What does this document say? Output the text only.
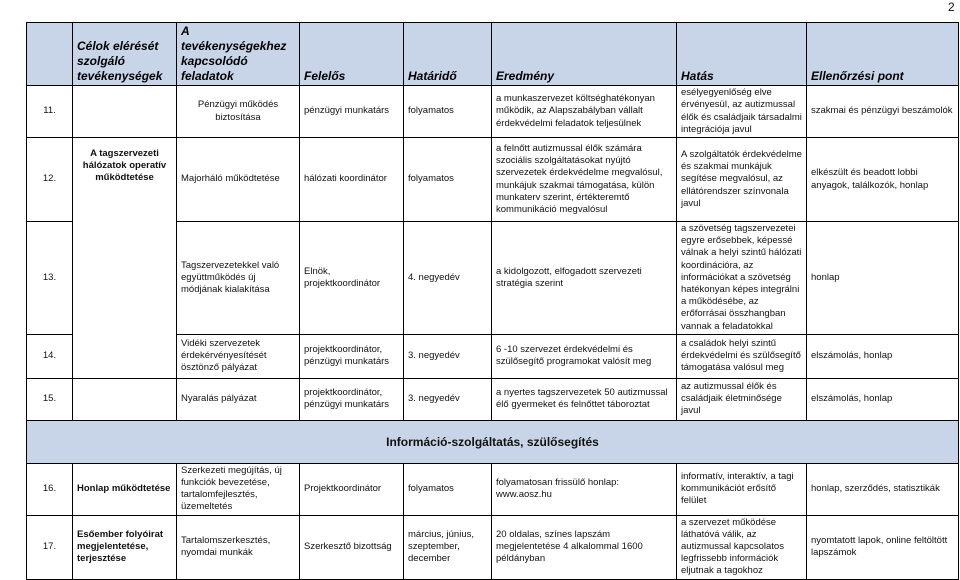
2
	Célok elérését szolgáló tevékenységek	A tevékenységekhez kapcsolódó feladatok	Felelős	Határidő	Eredmény	Hatás	Ellenőrzési pont
11.		Pénzügyi működés biztosítása	pénzügyi munkatárs	folyamatos	a munkaszervezet költséghatékonyan működik, az Alapszabályban vállalt érdekvédelmi feladatok teljesülnek	esélyegyenlőség elve érvényesül, az autizmussal élők és családjaik társadalmi integrációja javul	szakmai és pénzügyi beszámolók
12.	A tagszervezeti hálózatok operatív működtetése	Majorháló működtetése	hálózati koordinátor	folyamatos	a felnőtt autizmussal élők számára szociális szolgáltatásokat nyújtó szervezetek érdekvédelme megvalósul, munkájuk szakmai támogatása, külön munkaterv szerint, értékteremtő kommunikáció megvalósul	A szolgáltatók érdekvédelme és szakmai munkájuk segítése megvalósul, az ellátórendszer színvonala javul	elkészült és beadott lobbi anyagok, találkozók, honlap
13.		Tagszervezetekkel való együttműködés új módjának kialakítása	Elnök, projektkoordinátor	4. negyedév	a kidolgozott, elfogadott szervezeti stratégia szerint	a szövetség tagszervezetei egyre erősebbek, képessé válnak a helyi szintű hálózati koordinációra, az információkat a szövetség hatékonyan képes integrálni a működésébe, az erőforrásai összhangban vannak a feladatokkal	honlap
14.		Vidéki szervezetek érdekérvényesítését ösztönző pályázat	projektkoordinátor, pénzügyi munkatárs	3. negyedév	6 -10 szervezet érdekvédelmi és szülősegítő programokat valósít meg	a családok helyi szintű érdekvédelmi és szülősegítő támogatása valósul meg	elszámolás, honlap
15.		Nyaralás pályázat	projektkoordinátor, pénzügyi munkatárs	3. negyedév	a nyertes tagszervezetek 50 autizmussal élő gyermeket és felnőttet táboroztat	az autizmussal élők és családjaik életminősége javul	elszámolás, honlap
Információ-szolgáltatás, szülősegítés							
16.	Honlap működtetése	Szerkezeti megújítás, új funkciók bevezetése, tartalomfejlesztés, üzemeltetés	Projektkoordinátor	folyamatos	folyamatosan frissülő honlap: www.aosz.hu	informatív, interaktív, a tagi kommunikációt erősítő felület	honlap, szerződés, statisztikák
17.	Esőember folyóirat megjelentetése, terjesztése	Tartalomszerkesztés, nyomdai munkák	Szerkesztő bizottság	március, június, szeptember, december	20 oldalas, színes lapszám megjelentetése 4 alkalommal 1600 példányban	a szervezet működése láthatóvá válik, az autizmussal kapcsolatos legfrissebb információk eljutnak a tagokhoz	nyomtatott lapok, online feltöltött lapszámok
